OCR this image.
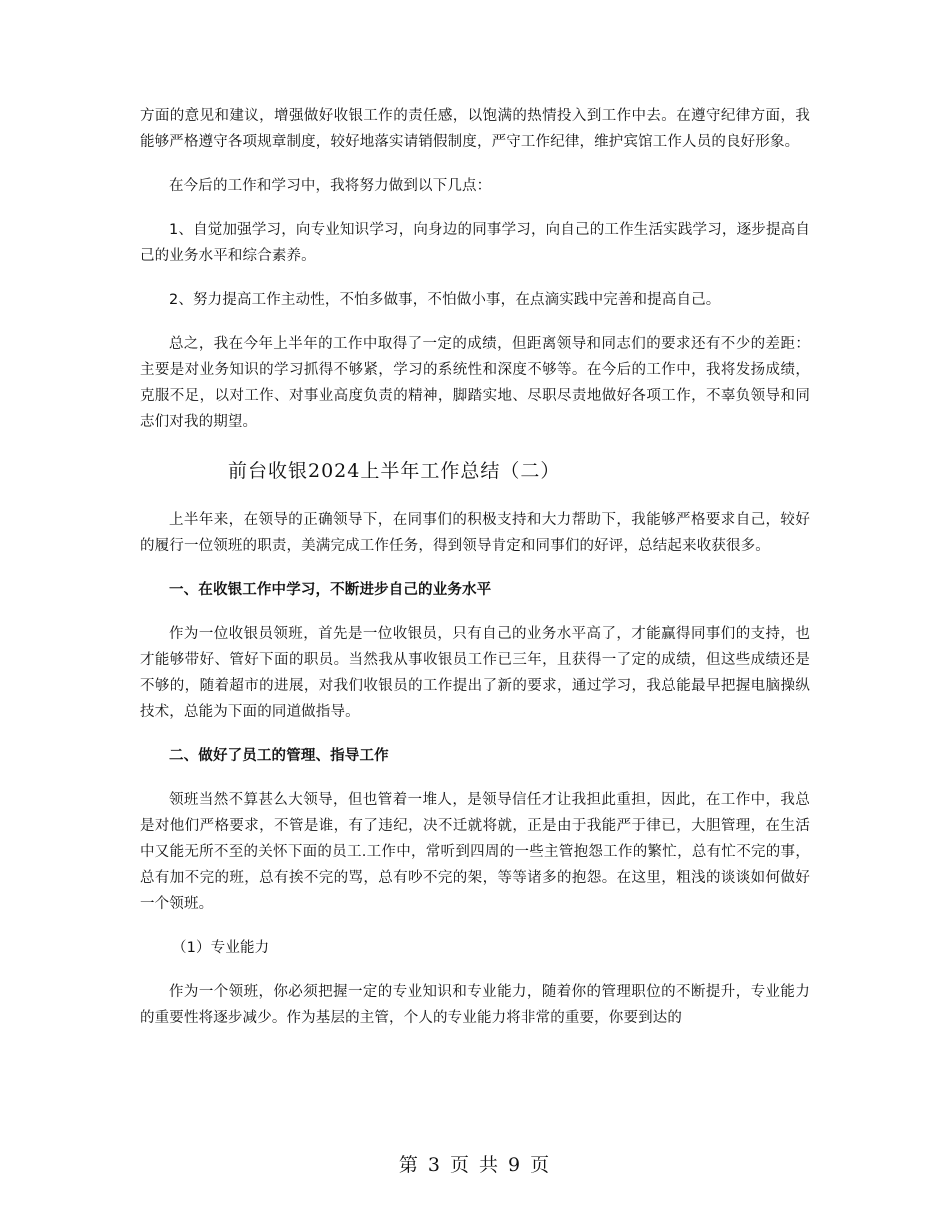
方面的意见和建议，增强做好收银工作的责任感，以饱满的热情投入到工作中去。在遵守纪律方面，我能够严格遵守各项规章制度，较好地落实请销假制度，严守工作纪律，维护宾馆工作人员的良好形象。

在今后的工作和学习中，我将努力做到以下几点：

1、自觉加强学习，向专业知识学习，向身边的同事学习，向自己的工作生活实践学习，逐步提高自己的业务水平和综合素养。

2、努力提高工作主动性，不怕多做事，不怕做小事，在点滴实践中完善和提高自己。

总之，我在今年上半年的工作中取得了一定的成绩，但距离领导和同志们的要求还有不少的差距：主要是对业务知识的学习抓得不够紧，学习的系统性和深度不够等。在今后的工作中，我将发扬成绩，克服不足，以对工作、对事业高度负责的精神，脚踏实地、尽职尽责地做好各项工作，不辜负领导和同志们对我的期望。

前台收银2024上半年工作总结（二）

上半年来，在领导的正确领导下，在同事们的积极支持和大力帮助下，我能够严格要求自己，较好的履行一位领班的职责，美满完成工作任务，得到领导肯定和同事们的好评，总结起来收获很多。

一、在收银工作中学习，不断进步自己的业务水平

作为一位收银员领班，首先是一位收银员，只有自己的业务水平高了，才能赢得同事们的支持，也才能够带好、管好下面的职员。当然我从事收银员工作已三年，且获得一了定的成绩，但这些成绩还是不够的，随着超市的进展，对我们收银员的工作提出了新的要求，通过学习，我总能最早把握电脑操纵技术，总能为下面的同道做指导。

二、做好了员工的管理、指导工作

领班当然不算甚么大领导，但也管着一堆人，是领导信任才让我担此重担，因此，在工作中，我总是对他们严格要求，不管是谁，有了违纪，决不迁就将就，正是由于我能严于律已，大胆管理，在生活中又能无所不至的关怀下面的员工.工作中，常听到四周的一些主管抱怨工作的繁忙，总有忙不完的事，总有加不完的班，总有挨不完的骂，总有吵不完的架，等等诸多的抱怨。在这里，粗浅的谈谈如何做好一个领班。

（1）专业能力

作为一个领班，你必须把握一定的专业知识和专业能力，随着你的管理职位的不断提升，专业能力的重要性将逐步减少。作为基层的主管，个人的专业能力将非常的重要，你要到达的

第 3 页 共 9 页
